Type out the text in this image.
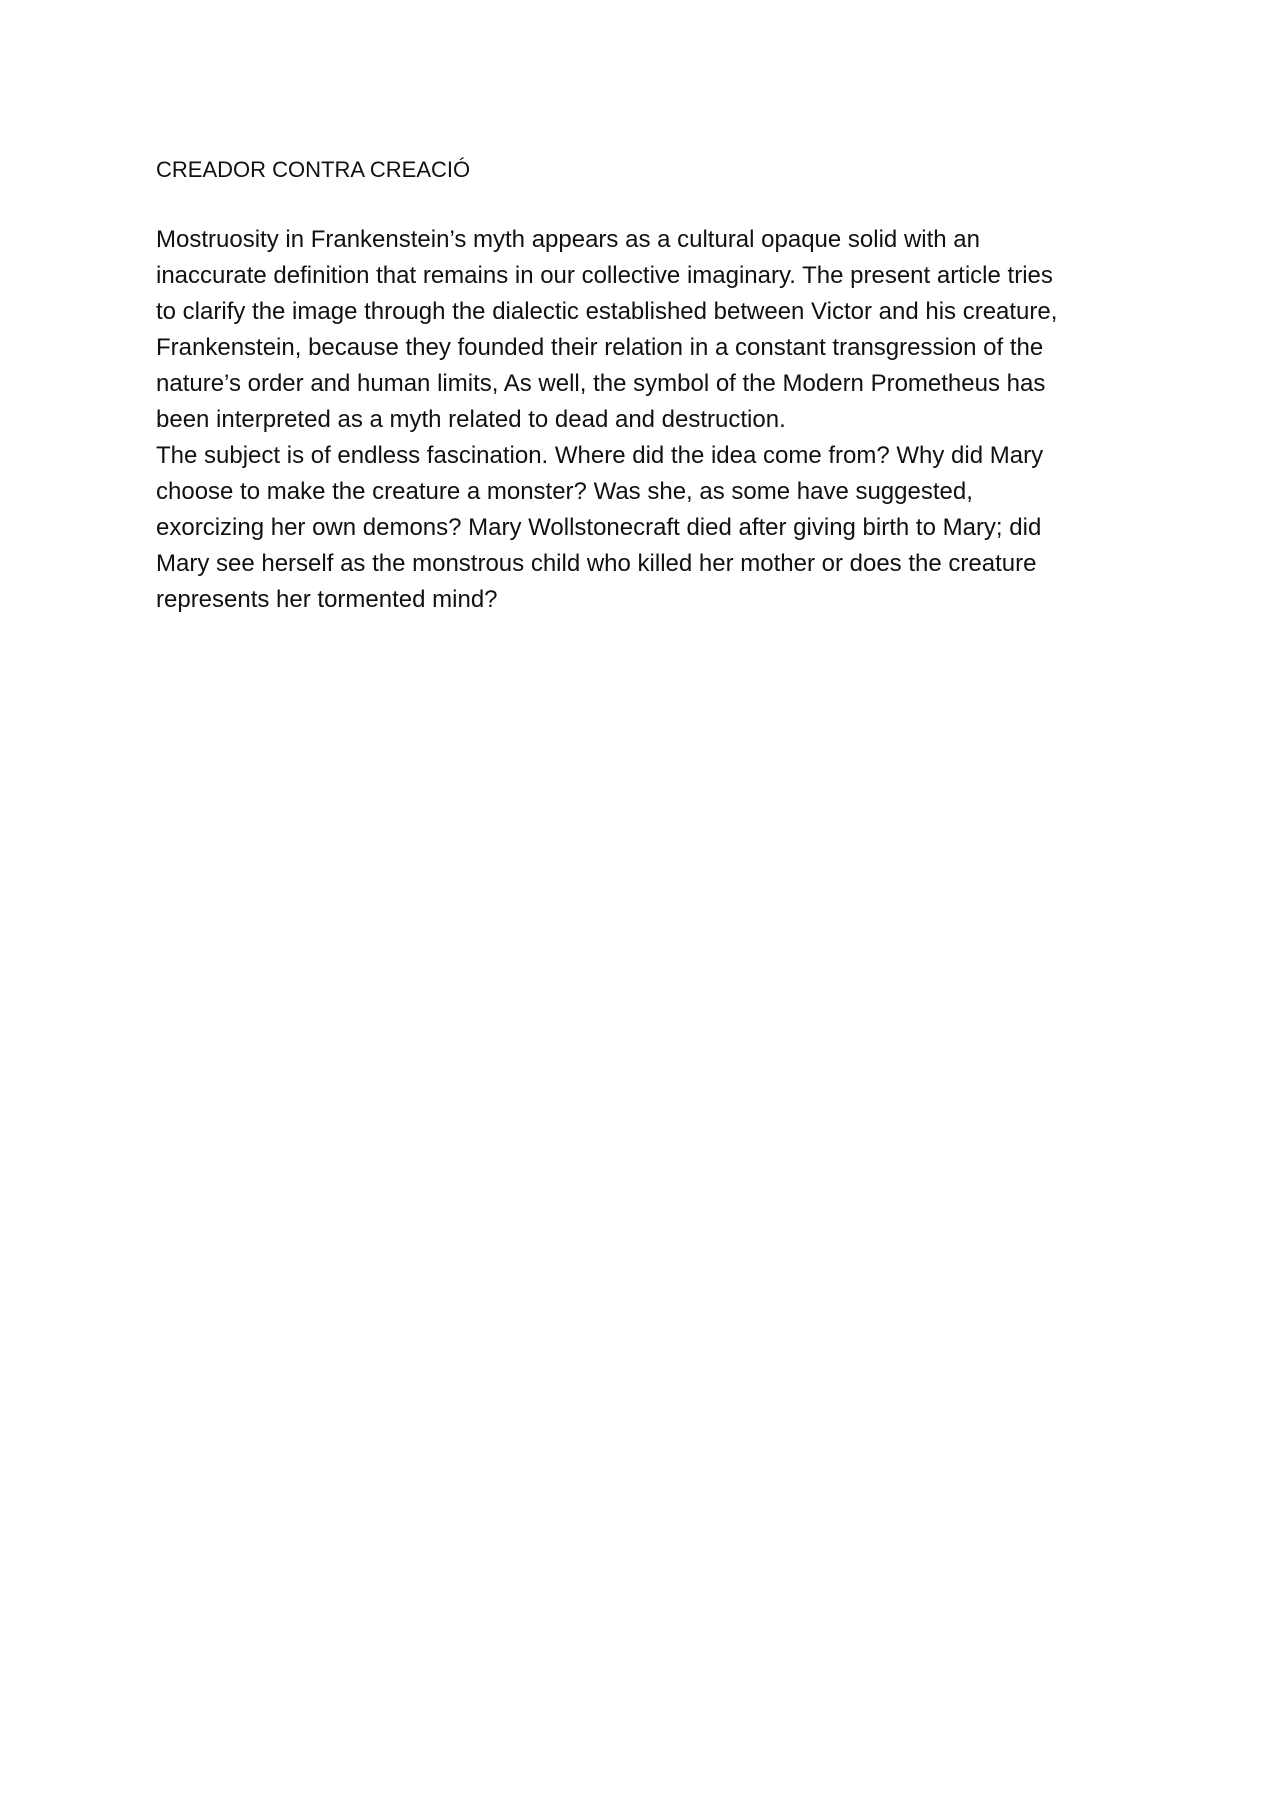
CREADOR CONTRA CREACIÓ
Mostruosity in Frankenstein’s myth appears as a cultural opaque solid with an
inaccurate definition that remains in our collective imaginary. The present article tries
to clarify the image through the dialectic established between Victor and his creature,
Frankenstein, because they founded their relation in a constant transgression of the
nature’s order and human limits, As well, the symbol of the Modern Prometheus has
been interpreted as a myth related to dead and destruction.
The subject is of endless fascination. Where did the idea come from? Why did Mary
choose to make the creature a monster? Was she, as some have suggested,
exorcizing her own demons? Mary Wollstonecraft died after giving birth to Mary; did
Mary see herself as the monstrous child who killed her mother or does the creature
represents her tormented mind?
